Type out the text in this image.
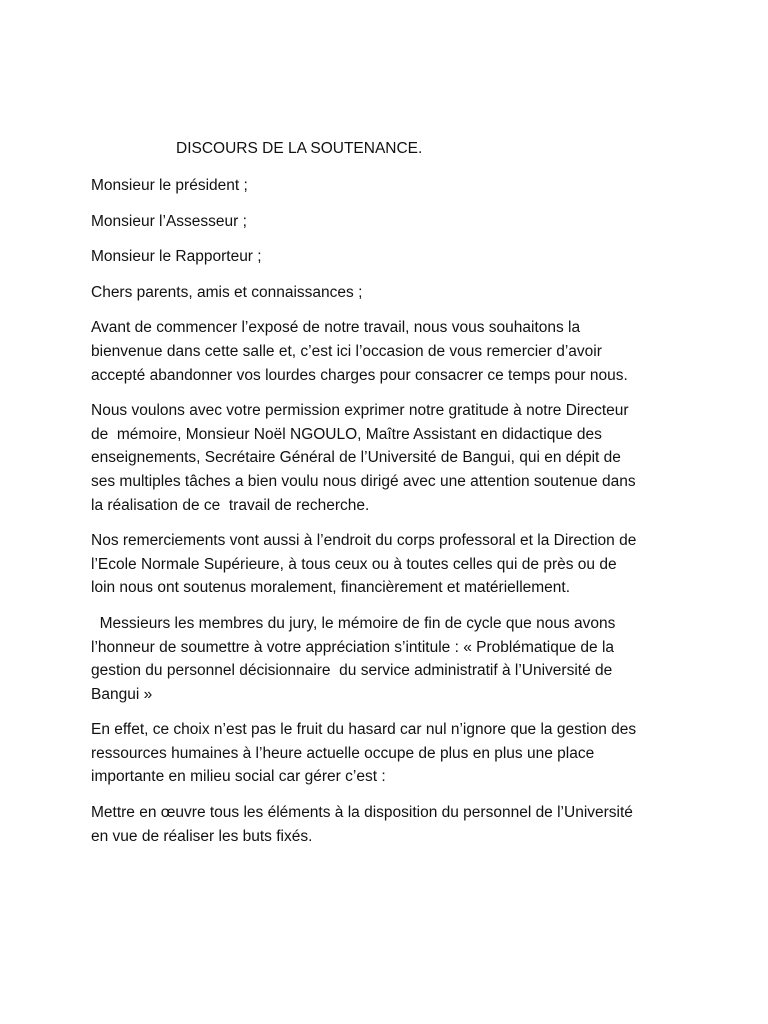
DISCOURS DE LA SOUTENANCE.

Monsieur le président ;

Monsieur l’Assesseur ;

Monsieur le Rapporteur ;

Chers parents, amis et connaissances ;

Avant de commencer l’exposé de notre travail, nous vous souhaitons la
bienvenue dans cette salle et, c’est ici l’occasion de vous remercier d’avoir
accepté abandonner vos lourdes charges pour consacrer ce temps pour nous.

Nous voulons avec votre permission exprimer notre gratitude à notre Directeur
de  mémoire, Monsieur Noël NGOULO, Maître Assistant en didactique des
enseignements, Secrétaire Général de l’Université de Bangui, qui en dépit de
ses multiples tâches a bien voulu nous dirigé avec une attention soutenue dans
la réalisation de ce  travail de recherche.

Nos remerciements vont aussi à l’endroit du corps professoral et la Direction de
l’Ecole Normale Supérieure, à tous ceux ou à toutes celles qui de près ou de
loin nous ont soutenus moralement, financièrement et matériellement.

Messieurs les membres du jury, le mémoire de fin de cycle que nous avons
l’honneur de soumettre à votre appréciation s’intitule : « Problématique de la
gestion du personnel décisionnaire  du service administratif à l’Université de
Bangui »

En effet, ce choix n’est pas le fruit du hasard car nul n’ignore que la gestion des
ressources humaines à l’heure actuelle occupe de plus en plus une place
importante en milieu social car gérer c’est :

Mettre en œuvre tous les éléments à la disposition du personnel de l’Université
en vue de réaliser les buts fixés.
